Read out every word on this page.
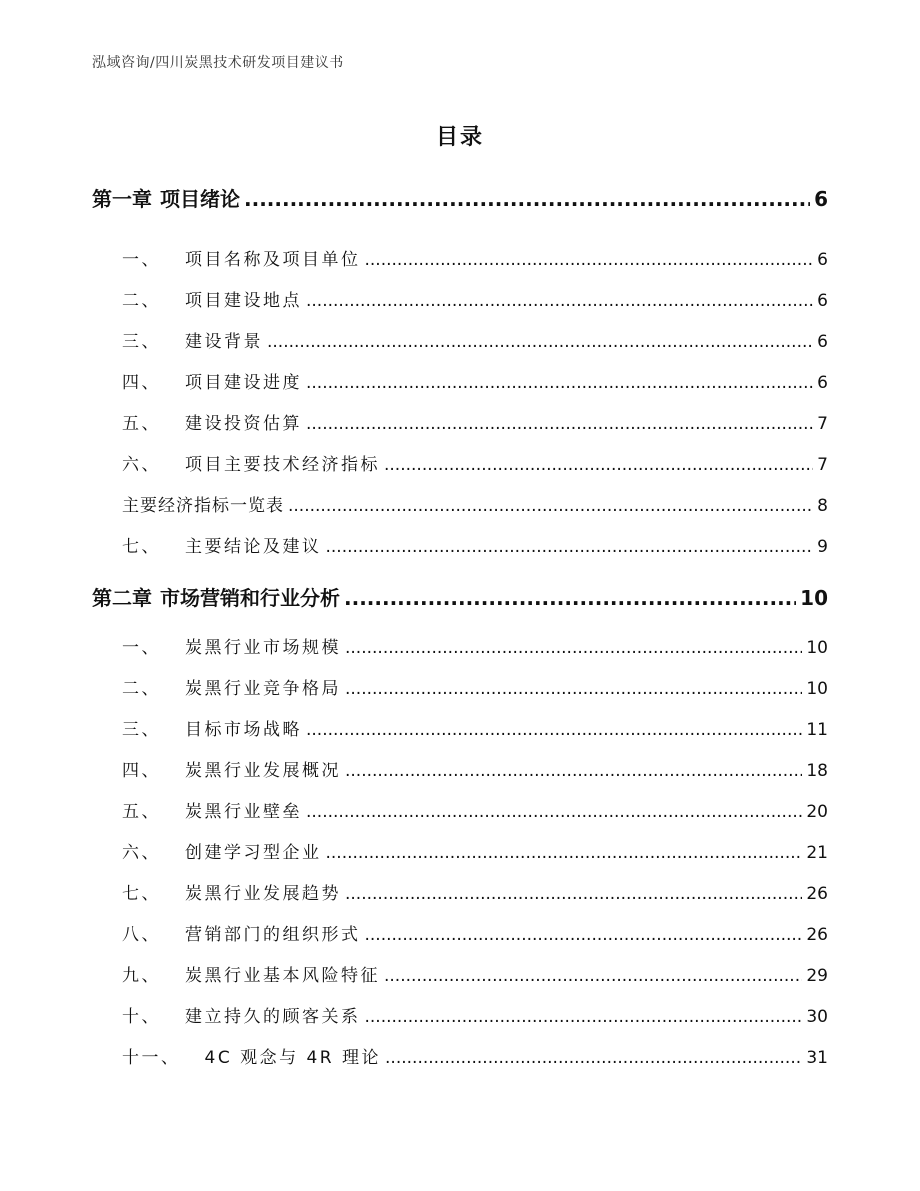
泓域咨询/四川炭黑技术研发项目建议书
目录
第一章 项目绪论 .....	6
一、 项目名称及项目单位 .....	6
二、 项目建设地点 .....	6
三、 建设背景 .....	6
四、 项目建设进度 .....	6
五、 建设投资估算 .....	7
六、 项目主要技术经济指标 .....	7
主要经济指标一览表 .....	8
七、 主要结论及建议 .....	9
第二章 市场营销和行业分析 .....	10
一、 炭黑行业市场规模 .....	10
二、 炭黑行业竞争格局 .....	10
三、 目标市场战略 .....	11
四、 炭黑行业发展概况 .....	18
五、 炭黑行业壁垒 .....	20
六、 创建学习型企业 .....	21
七、 炭黑行业发展趋势 .....	26
八、 营销部门的组织形式 .....	26
九、 炭黑行业基本风险特征 .....	29
十、 建立持久的顾客关系 .....	30
十一、 4C 观念与 4R 理论 .....	31
